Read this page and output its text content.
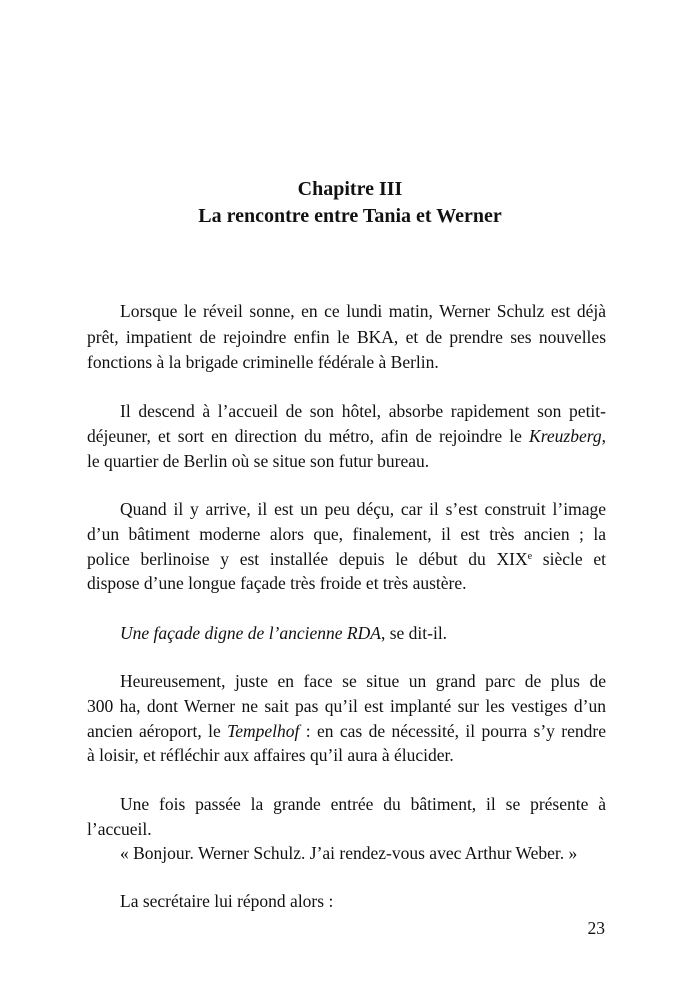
Chapitre III
La rencontre entre Tania et Werner
Lorsque le réveil sonne, en ce lundi matin, Werner Schulz est déjà
prêt, impatient de rejoindre enfin le BKA, et de prendre ses nouvelles
fonctions à la brigade criminelle fédérale à Berlin.
Il descend à l’accueil de son hôtel, absorbe rapidement son petit-
déjeuner, et sort en direction du métro, afin de rejoindre le Kreuzberg,
le quartier de Berlin où se situe son futur bureau.
Quand il y arrive, il est un peu déçu, car il s’est construit l’image
d’un bâtiment moderne alors que, finalement, il est très ancien ; la
police berlinoise y est installée depuis le début du XIXe siècle et
dispose d’une longue façade très froide et très austère.
Une façade digne de l’ancienne RDA, se dit-il.
Heureusement, juste en face se situe un grand parc de plus de
300 ha, dont Werner ne sait pas qu’il est implanté sur les vestiges d’un
ancien aéroport, le Tempelhof : en cas de nécessité, il pourra s’y rendre
à loisir, et réfléchir aux affaires qu’il aura à élucider.
Une fois passée la grande entrée du bâtiment, il se présente à
l’accueil.
« Bonjour. Werner Schulz. J’ai rendez-vous avec Arthur Weber. »
La secrétaire lui répond alors :
23
